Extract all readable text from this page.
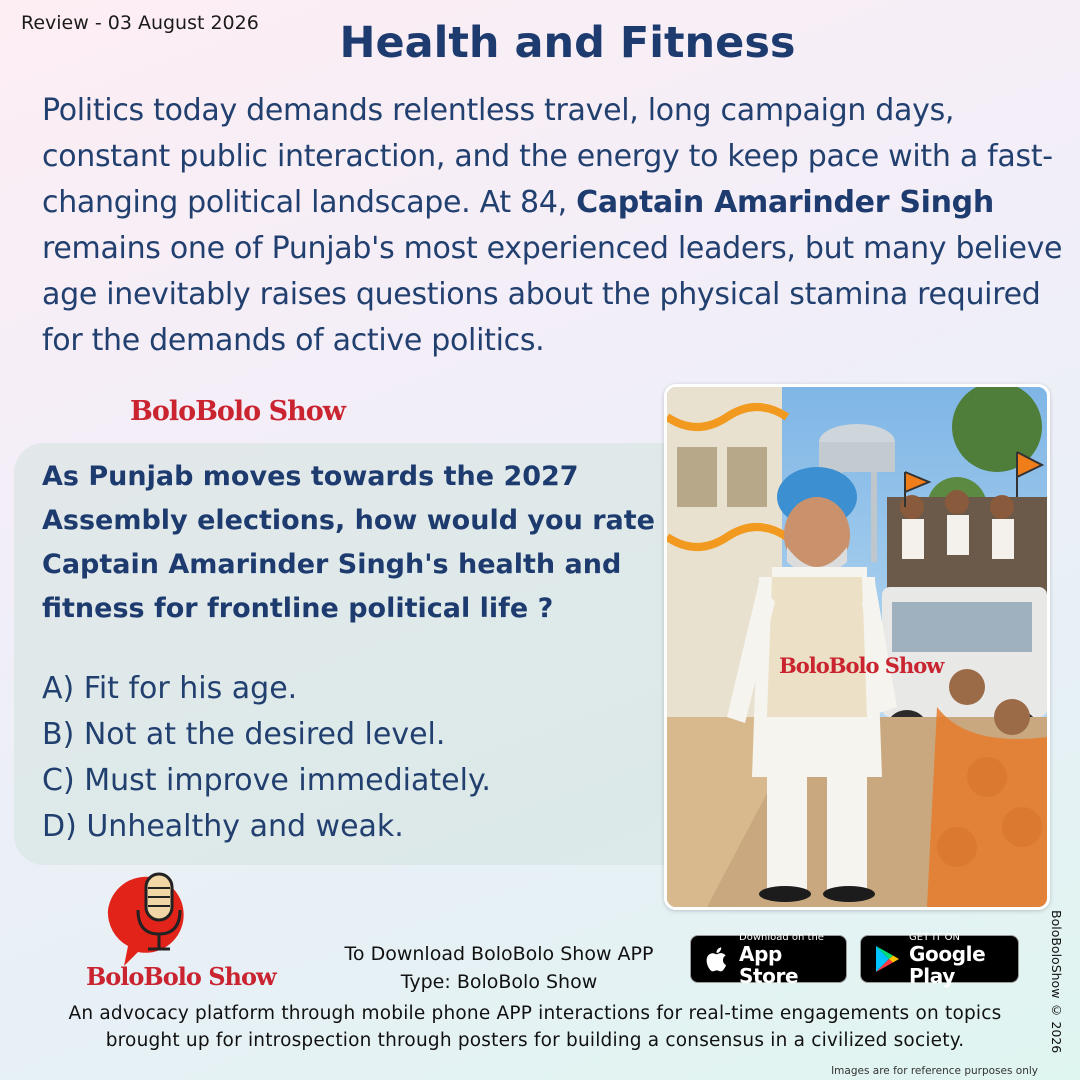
Review - 03 August 2026	Health and Fitness
Politics today demands relentless travel, long campaign days, constant public interaction, and the energy to keep pace with a fast-changing political landscape. At 84, Captain Amarinder Singh remains one of Punjab's most experienced leaders, but many believe age inevitably raises questions about the physical stamina required for the demands of active politics.
BoloBolo Show
As Punjab moves towards the 2027 Assembly elections, how would you rate Captain Amarinder Singh's health and fitness for frontline political life ?
A) Fit for his age.
B) Not at the desired level.
C) Must improve immediately.
D) Unhealthy and weak.
BoloBolo Show
BoloBolo Show
To Download BoloBolo Show APP
Type: BoloBolo Show
Download on the
App Store
GET IT ON
Google Play
An advocacy platform through mobile phone APP interactions for real-time engagements on topics brought up for introspection through posters for building a consensus in a civilized society.	BoloBoloShow © 2026
Images are for reference purposes only
